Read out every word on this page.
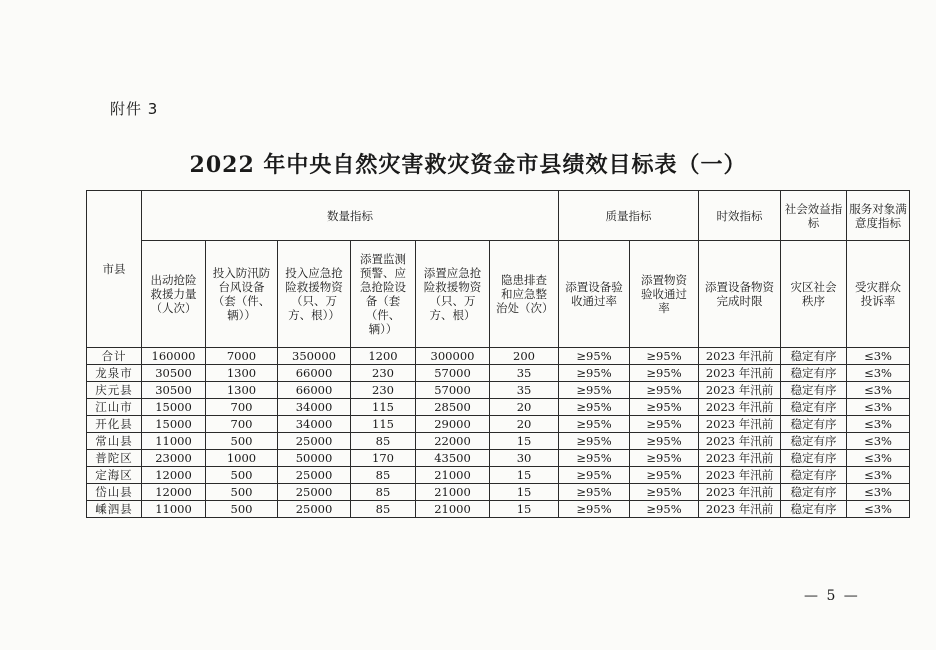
附件 3
2022 年中央自然灾害救灾资金市县绩效目标表（一）
市县	数量指标						质量指标		时效指标	社会效益指标	服务对象满意度指标
	出动抢险救援力量（人次）	投入防汛防台风设备（套（件、辆））	投入应急抢险救援物资（只、万方、根））	添置监测预警、应急抢险设备（套（件、辆））	添置应急抢险救援物资（只、万方、根）	隐患排查和应急整治处（次）	添置设备验收通过率	添置物资验收通过率	添置设备物资完成时限	灾区社会秩序	受灾群众投诉率
合计	160000	7000	350000	1200	300000	200	≥95%	≥95%	2023 年汛前	稳定有序	≤3%
龙泉市	30500	1300	66000	230	57000	35	≥95%	≥95%	2023 年汛前	稳定有序	≤3%
庆元县	30500	1300	66000	230	57000	35	≥95%	≥95%	2023 年汛前	稳定有序	≤3%
江山市	15000	700	34000	115	28500	20	≥95%	≥95%	2023 年汛前	稳定有序	≤3%
开化县	15000	700	34000	115	29000	20	≥95%	≥95%	2023 年汛前	稳定有序	≤3%
常山县	11000	500	25000	85	22000	15	≥95%	≥95%	2023 年汛前	稳定有序	≤3%
普陀区	23000	1000	50000	170	43500	30	≥95%	≥95%	2023 年汛前	稳定有序	≤3%
定海区	12000	500	25000	85	21000	15	≥95%	≥95%	2023 年汛前	稳定有序	≤3%
岱山县	12000	500	25000	85	21000	15	≥95%	≥95%	2023 年汛前	稳定有序	≤3%
嵊泗县	11000	500	25000	85	21000	15	≥95%	≥95%	2023 年汛前	稳定有序	≤3%
— 5 —
